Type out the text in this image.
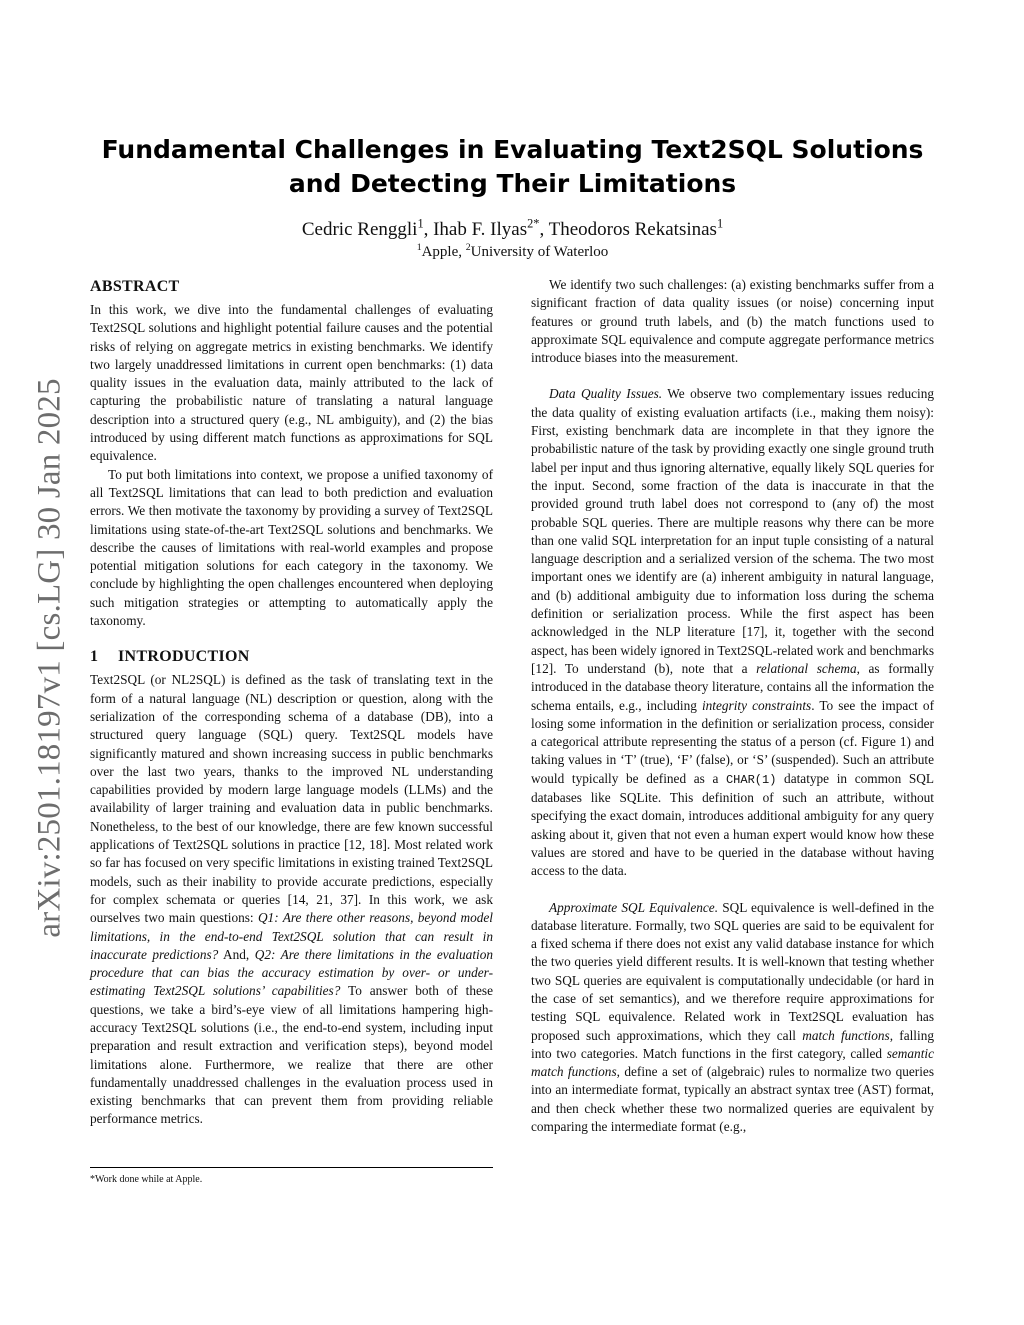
arXiv:2501.18197v1 [cs.LG] 30 Jan 2025
Fundamental Challenges in Evaluating Text2SQL Solutions and Detecting Their Limitations
Cedric Renggli$^1$, Ihab F. Ilyas$^{2*}$, Theodoros Rekatsinas$^1$
$^1$Apple, $^2$University of Waterloo
ABSTRACT

In this work, we dive into the fundamental challenges of evaluating Text2SQL solutions and highlight potential failure causes and the potential risks of relying on aggregate metrics in existing benchmarks. We identify two largely unaddressed limitations in current open benchmarks: (1) data quality issues in the evaluation data, mainly attributed to the lack of capturing the probabilistic nature of translating a natural language description into a structured query (e.g., NL ambiguity), and (2) the bias introduced by using different match functions as approximations for SQL equivalence.

To put both limitations into context, we propose a unified taxonomy of all Text2SQL limitations that can lead to both prediction and evaluation errors. We then motivate the taxonomy by providing a survey of Text2SQL limitations using state-of-the-art Text2SQL solutions and benchmarks. We describe the causes of limitations with real-world examples and propose potential mitigation solutions for each category in the taxonomy. We conclude by highlighting the open challenges encountered when deploying such mitigation strategies or attempting to automatically apply the taxonomy.

1 INTRODUCTION

Text2SQL (or NL2SQL) is defined as the task of translating text in the form of a natural language (NL) description or question, along with the serialization of the corresponding schema of a database (DB), into a structured query language (SQL) query. Text2SQL models have significantly matured and shown increasing success in public benchmarks over the last two years, thanks to the improved NL understanding capabilities provided by modern large language models (LLMs) and the availability of larger training and evaluation data in public benchmarks. Nonetheless, to the best of our knowledge, there are few known successful applications of Text2SQL solutions in practice [12, 18]. Most related work so far has focused on very specific limitations in existing trained Text2SQL models, such as their inability to provide accurate predictions, especially for complex schemata or queries [14, 21, 37]. In this work, we ask ourselves two main questions: Q1: Are there other reasons, beyond model limitations, in the end-to-end Text2SQL solution that can result in inaccurate predictions? And, Q2: Are there limitations in the evaluation procedure that can bias the accuracy estimation by over- or under-estimating Text2SQL solutions’ capabilities? To answer both of these questions, we take a bird’s-eye view of all limitations hampering high-accuracy Text2SQL solutions (i.e., the end-to-end system, including input preparation and result extraction and verification steps), beyond model limitations alone. Furthermore, we realize that there are other fundamentally unaddressed challenges in the evaluation process used in existing benchmarks that can prevent them from providing reliable performance metrics.

We identify two such challenges: (a) existing benchmarks suffer from a significant fraction of data quality issues (or noise) concerning input features or ground truth labels, and (b) the match functions used to approximate SQL equivalence and compute aggregate performance metrics introduce biases into the measurement.

Data Quality Issues. We observe two complementary issues reducing the data quality of existing evaluation artifacts (i.e., making them noisy): First, existing benchmark data are incomplete in that they ignore the probabilistic nature of the task by providing exactly one single ground truth label per input and thus ignoring alternative, equally likely SQL queries for the input. Second, some fraction of the data is inaccurate in that the provided ground truth label does not correspond to (any of) the most probable SQL queries. There are multiple reasons why there can be more than one valid SQL interpretation for an input tuple consisting of a natural language description and a serialized version of the schema. The two most important ones we identify are (a) inherent ambiguity in natural language, and (b) additional ambiguity due to information loss during the schema definition or serialization process. While the first aspect has been acknowledged in the NLP literature [17], it, together with the second aspect, has been widely ignored in Text2SQL-related work and benchmarks [12]. To understand (b), note that a relational schema, as formally introduced in the database theory literature, contains all the information the schema entails, e.g., including integrity constraints. To see the impact of losing some information in the definition or serialization process, consider a categorical attribute representing the status of a person (cf. Figure 1) and taking values in ‘T’ (true), ‘F’ (false), or ‘S’ (suspended). Such an attribute would typically be defined as a CHAR(1) datatype in common SQL databases like SQLite. This definition of such an attribute, without specifying the exact domain, introduces additional ambiguity for any query asking about it, given that not even a human expert would know how these values are stored and have to be queried in the database without having access to the data.

Approximate SQL Equivalence. SQL equivalence is well-defined in the database literature. Formally, two SQL queries are said to be equivalent for a fixed schema if there does not exist any valid database instance for which the two queries yield different results. It is well-known that testing whether two SQL queries are equivalent is computationally undecidable (or hard in the case of set semantics), and we therefore require approximations for testing SQL equivalence. Related work in Text2SQL evaluation has proposed such approximations, which they call match functions, falling into two categories. Match functions in the first category, called semantic match functions, define a set of (algebraic) rules to normalize two queries into an intermediate format, typically an abstract syntax tree (AST) format, and then check whether these two normalized queries are equivalent by comparing the intermediate format (e.g.,

*Work done while at Apple.
